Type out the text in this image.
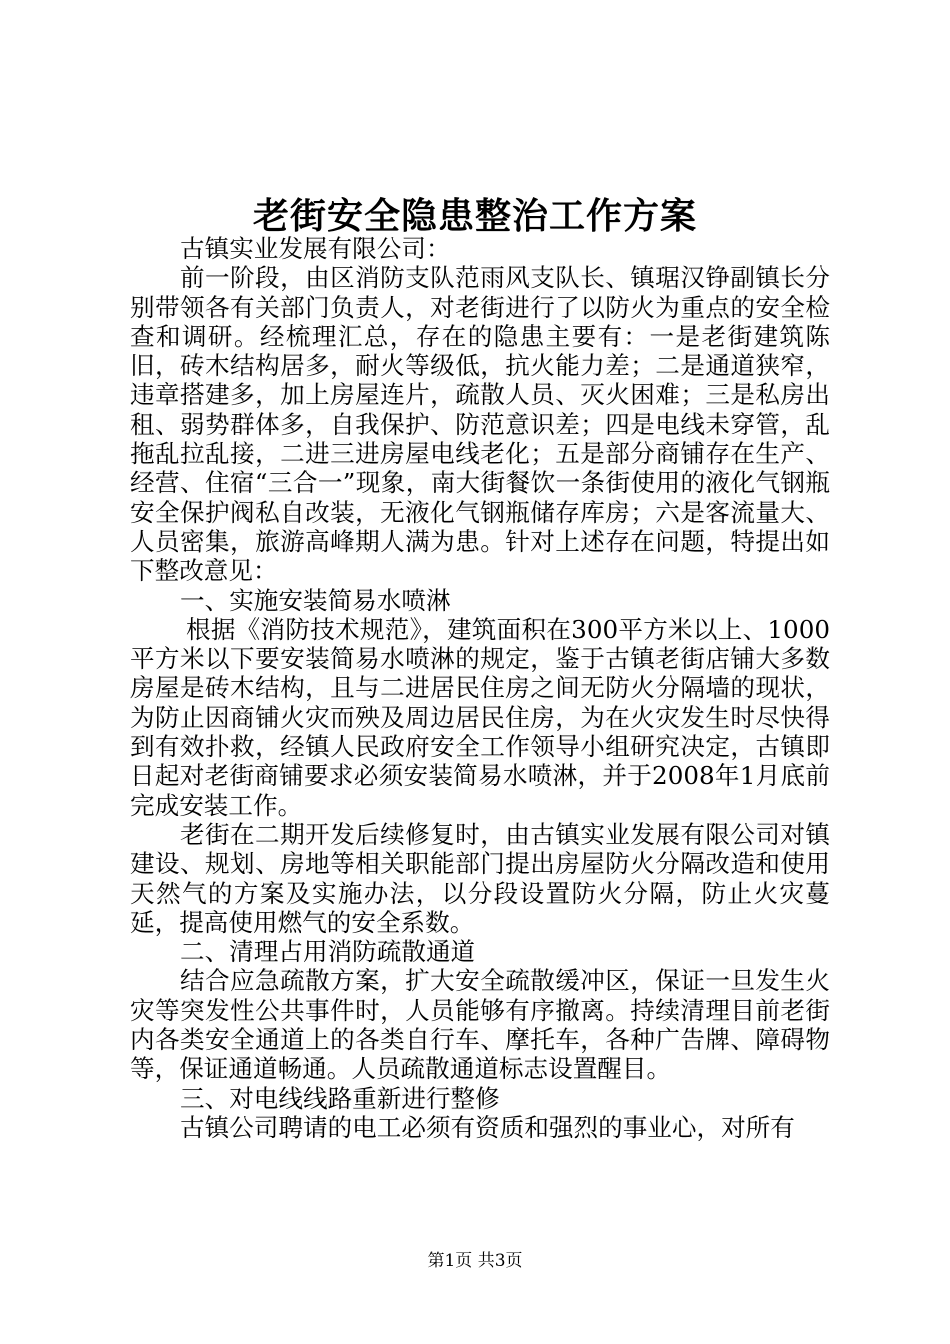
老街安全隐患整治工作方案

古镇实业发展有限公司：

前一阶段，由区消防支队范雨风支队长、镇琚汉铮副镇长分别带领各有关部门负责人，对老街进行了以防火为重点的安全检查和调研。经梳理汇总，存在的隐患主要有：一是老街建筑陈旧，砖木结构居多，耐火等级低，抗火能力差；二是通道狭窄，违章搭建多，加上房屋连片，疏散人员、灭火困难；三是私房出租、弱势群体多，自我保护、防范意识差；四是电线未穿管，乱拖乱拉乱接，二进三进房屋电线老化；五是部分商铺存在生产、经营、住宿“三合一”现象，南大街餐饮一条街使用的液化气钢瓶安全保护阀私自改装，无液化气钢瓶储存库房；六是客流量大、人员密集，旅游高峰期人满为患。针对上述存在问题，特提出如下整改意见：

一、实施安装简易水喷淋

根据《消防技术规范》，建筑面积在300平方米以上、1000平方米以下要安装简易水喷淋的规定，鉴于古镇老街店铺大多数房屋是砖木结构，且与二进居民住房之间无防火分隔墙的现状，为防止因商铺火灾而殃及周边居民住房，为在火灾发生时尽快得到有效扑救，经镇人民政府安全工作领导小组研究决定，古镇即日起对老街商铺要求必须安装简易水喷淋，并于2008年1月底前完成安装工作。

老街在二期开发后续修复时，由古镇实业发展有限公司对镇建设、规划、房地等相关职能部门提出房屋防火分隔改造和使用天然气的方案及实施办法，以分段设置防火分隔，防止火灾蔓延，提高使用燃气的安全系数。

二、清理占用消防疏散通道

结合应急疏散方案，扩大安全疏散缓冲区，保证一旦发生火灾等突发性公共事件时，人员能够有序撤离。持续清理目前老街内各类安全通道上的各类自行车、摩托车，各种广告牌、障碍物等，保证通道畅通。人员疏散通道标志设置醒目。

三、对电线线路重新进行整修

古镇公司聘请的电工必须有资质和强烈的事业心，对所有

第1页 共3页
